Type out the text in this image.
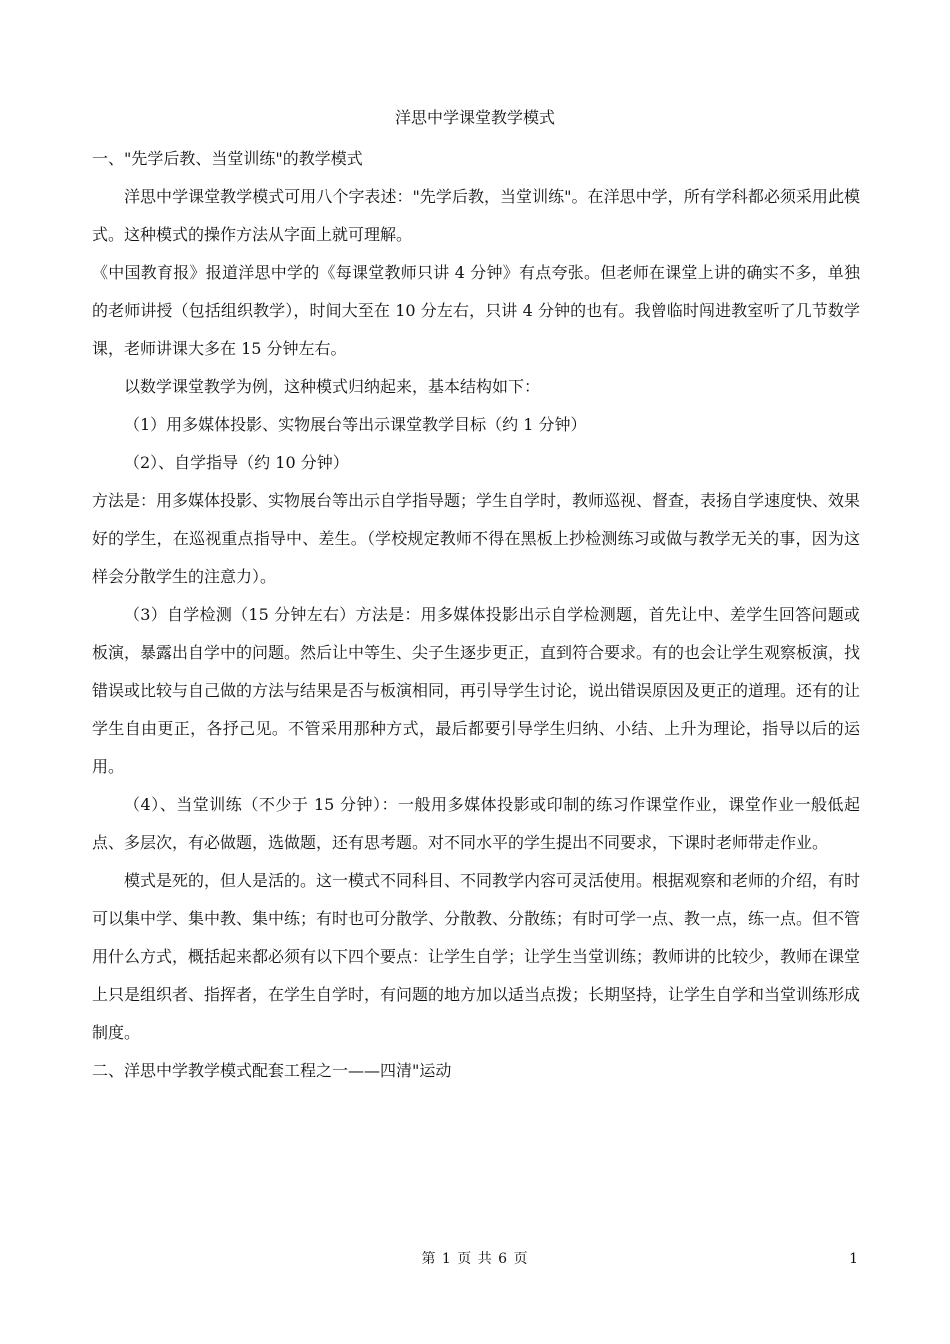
洋思中学课堂教学模式

一、"先学后教、当堂训练"的教学模式

洋思中学课堂教学模式可用八个字表述："先学后教，当堂训练"。在洋思中学，所有学科都必须采用此模式。这种模式的操作方法从字面上就可理解。

《中国教育报》报道洋思中学的《每课堂教师只讲 4 分钟》有点夸张。但老师在课堂上讲的确实不多，单独的老师讲授（包括组织教学），时间大至在 10 分左右，只讲 4 分钟的也有。我曾临时闯进教室听了几节数学课，老师讲课大多在 15 分钟左右。

以数学课堂教学为例，这种模式归纳起来，基本结构如下：

（1）用多媒体投影、实物展台等出示课堂教学目标（约 1 分钟）

（2）、自学指导（约 10 分钟）

方法是：用多媒体投影、实物展台等出示自学指导题；学生自学时，教师巡视、督查，表扬自学速度快、效果好的学生，在巡视重点指导中、差生。（学校规定教师不得在黑板上抄检测练习或做与教学无关的事，因为这样会分散学生的注意力）。

（3）自学检测（15 分钟左右）方法是：用多媒体投影出示自学检测题，首先让中、差学生回答问题或板演，暴露出自学中的问题。然后让中等生、尖子生逐步更正，直到符合要求。有的也会让学生观察板演，找错误或比较与自己做的方法与结果是否与板演相同，再引导学生讨论，说出错误原因及更正的道理。还有的让学生自由更正，各抒己见。不管采用那种方式，最后都要引导学生归纳、小结、上升为理论，指导以后的运用。

（4）、当堂训练（不少于 15 分钟）：一般用多媒体投影或印制的练习作课堂作业，课堂作业一般低起点、多层次，有必做题，选做题，还有思考题。对不同水平的学生提出不同要求，下课时老师带走作业。

模式是死的，但人是活的。这一模式不同科目、不同教学内容可灵活使用。根据观察和老师的介绍，有时可以集中学、集中教、集中练；有时也可分散学、分散教、分散练；有时可学一点、教一点，练一点。但不管用什么方式，概括起来都必须有以下四个要点：让学生自学；让学生当堂训练；教师讲的比较少，教师在课堂上只是组织者、指挥者，在学生自学时，有问题的地方加以适当点拨；长期坚持，让学生自学和当堂训练形成制度。

二、洋思中学教学模式配套工程之一——四清"运动

第 1 页 共 6 页	1
